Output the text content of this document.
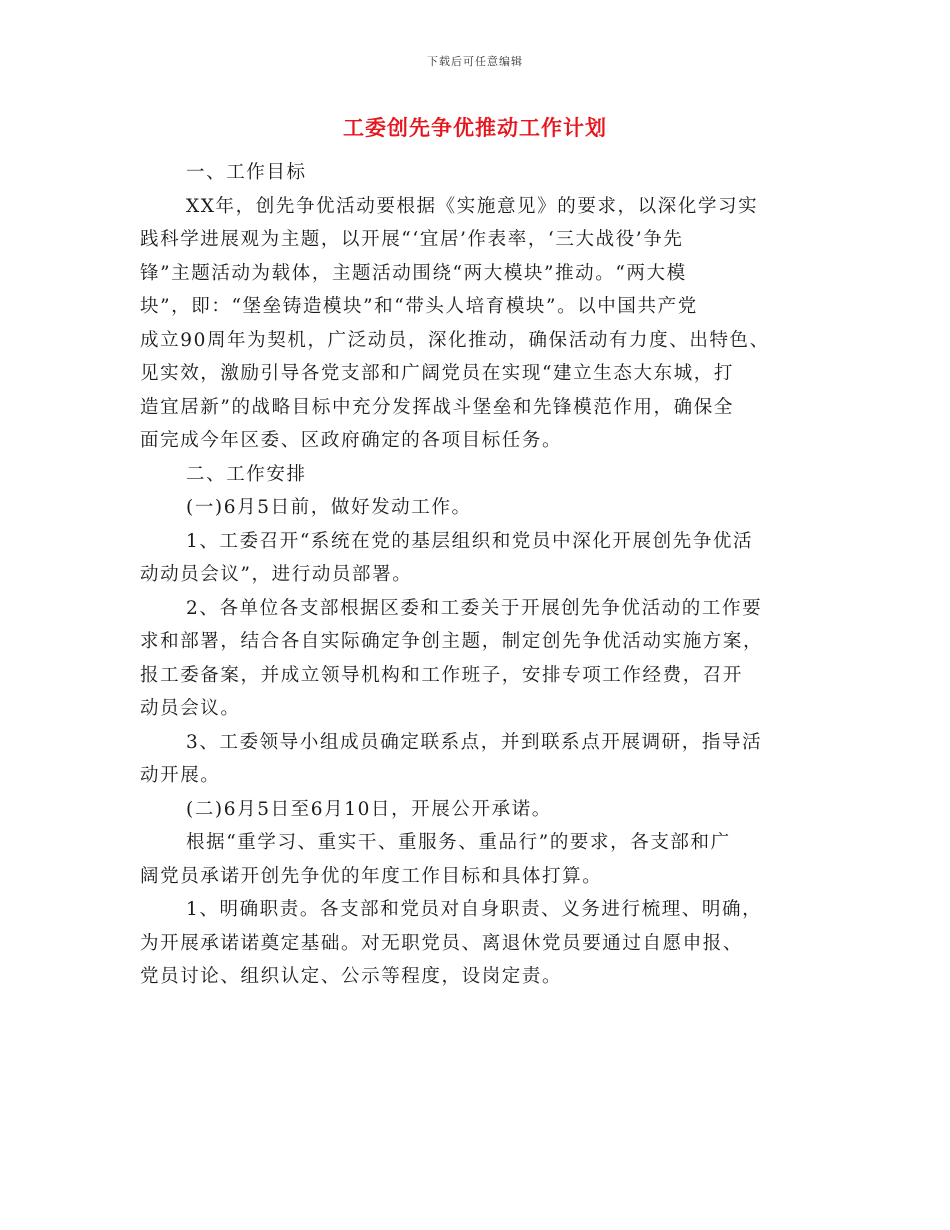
下载后可任意编辑
工委创先争优推动工作计划
一、工作目标
XX年，创先争优活动要根据《实施意见》的要求，以深化学习实
践科学进展观为主题，以开展“‘宜居’作表率，‘三大战役’争先
锋”主题活动为载体，主题活动围绕“两大模块”推动。“两大模
块”，即：“堡垒铸造模块”和“带头人培育模块”。以中国共产党
成立90周年为契机，广泛动员，深化推动，确保活动有力度、出特色、
见实效，激励引导各党支部和广阔党员在实现“建立生态大东城，打
造宜居新”的战略目标中充分发挥战斗堡垒和先锋模范作用，确保全
面完成今年区委、区政府确定的各项目标任务。
二、工作安排
(一)6月5日前，做好发动工作。
1、工委召开“系统在党的基层组织和党员中深化开展创先争优活
动动员会议”，进行动员部署。
2、各单位各支部根据区委和工委关于开展创先争优活动的工作要
求和部署，结合各自实际确定争创主题，制定创先争优活动实施方案，
报工委备案，并成立领导机构和工作班子，安排专项工作经费，召开
动员会议。
3、工委领导小组成员确定联系点，并到联系点开展调研，指导活
动开展。
(二)6月5日至6月10日，开展公开承诺。
根据“重学习、重实干、重服务、重品行”的要求，各支部和广
阔党员承诺开创先争优的年度工作目标和具体打算。
1、明确职责。各支部和党员对自身职责、义务进行梳理、明确，
为开展承诺诺奠定基础。对无职党员、离退休党员要通过自愿申报、
党员讨论、组织认定、公示等程度，设岗定责。
